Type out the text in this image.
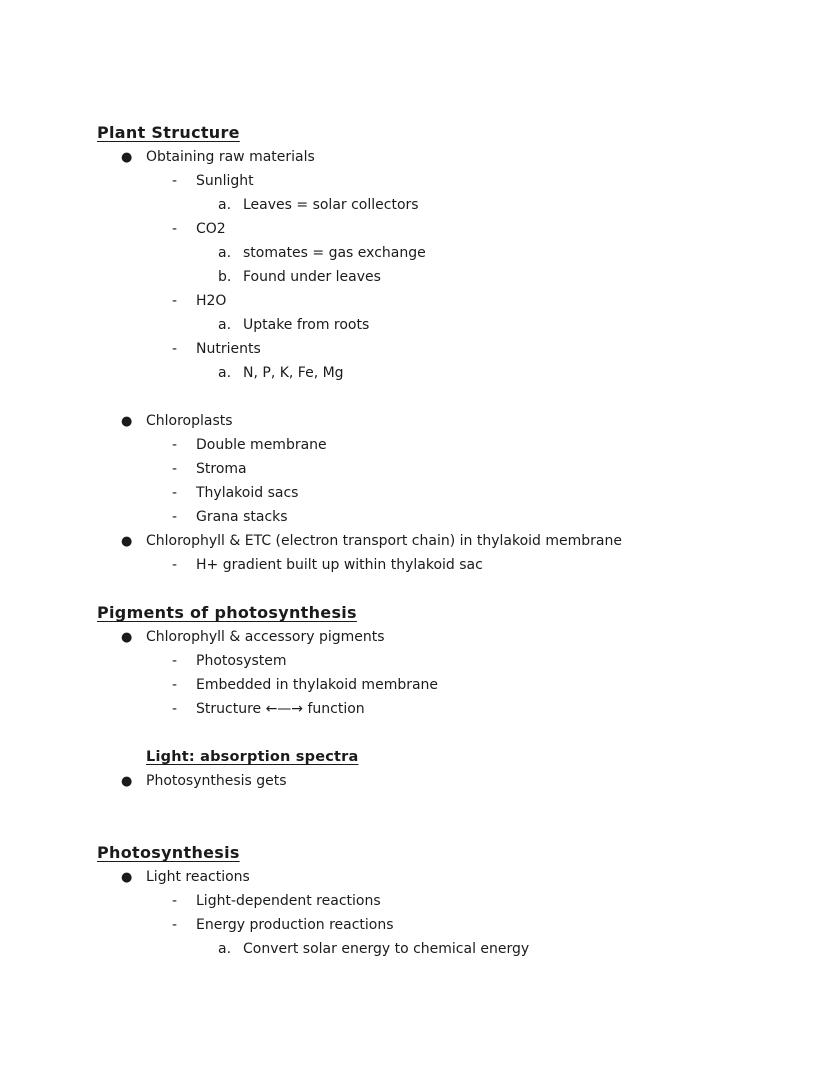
Plant Structure
● Obtaining raw materials
-	Sunlight
a. Leaves = solar collectors
-	CO2
a. stomates = gas exchange
b. Found under leaves
-	H2O
a. Uptake from roots
-	Nutrients
a. N, P, K, Fe, Mg
● Chloroplasts
-	Double membrane
-	Stroma
-	Thylakoid sacs
-	Grana stacks
● Chlorophyll & ETC (electron transport chain) in thylakoid membrane
-	H+ gradient built up within thylakoid sac
Pigments of photosynthesis
● Chlorophyll & accessory pigments
-	Photosystem
-	Embedded in thylakoid membrane
-	Structure ←—→ function
Light: absorption spectra
● Photosynthesis gets
Photosynthesis
● Light reactions
-	Light-dependent reactions
-	Energy production reactions
a. Convert solar energy to chemical energy
